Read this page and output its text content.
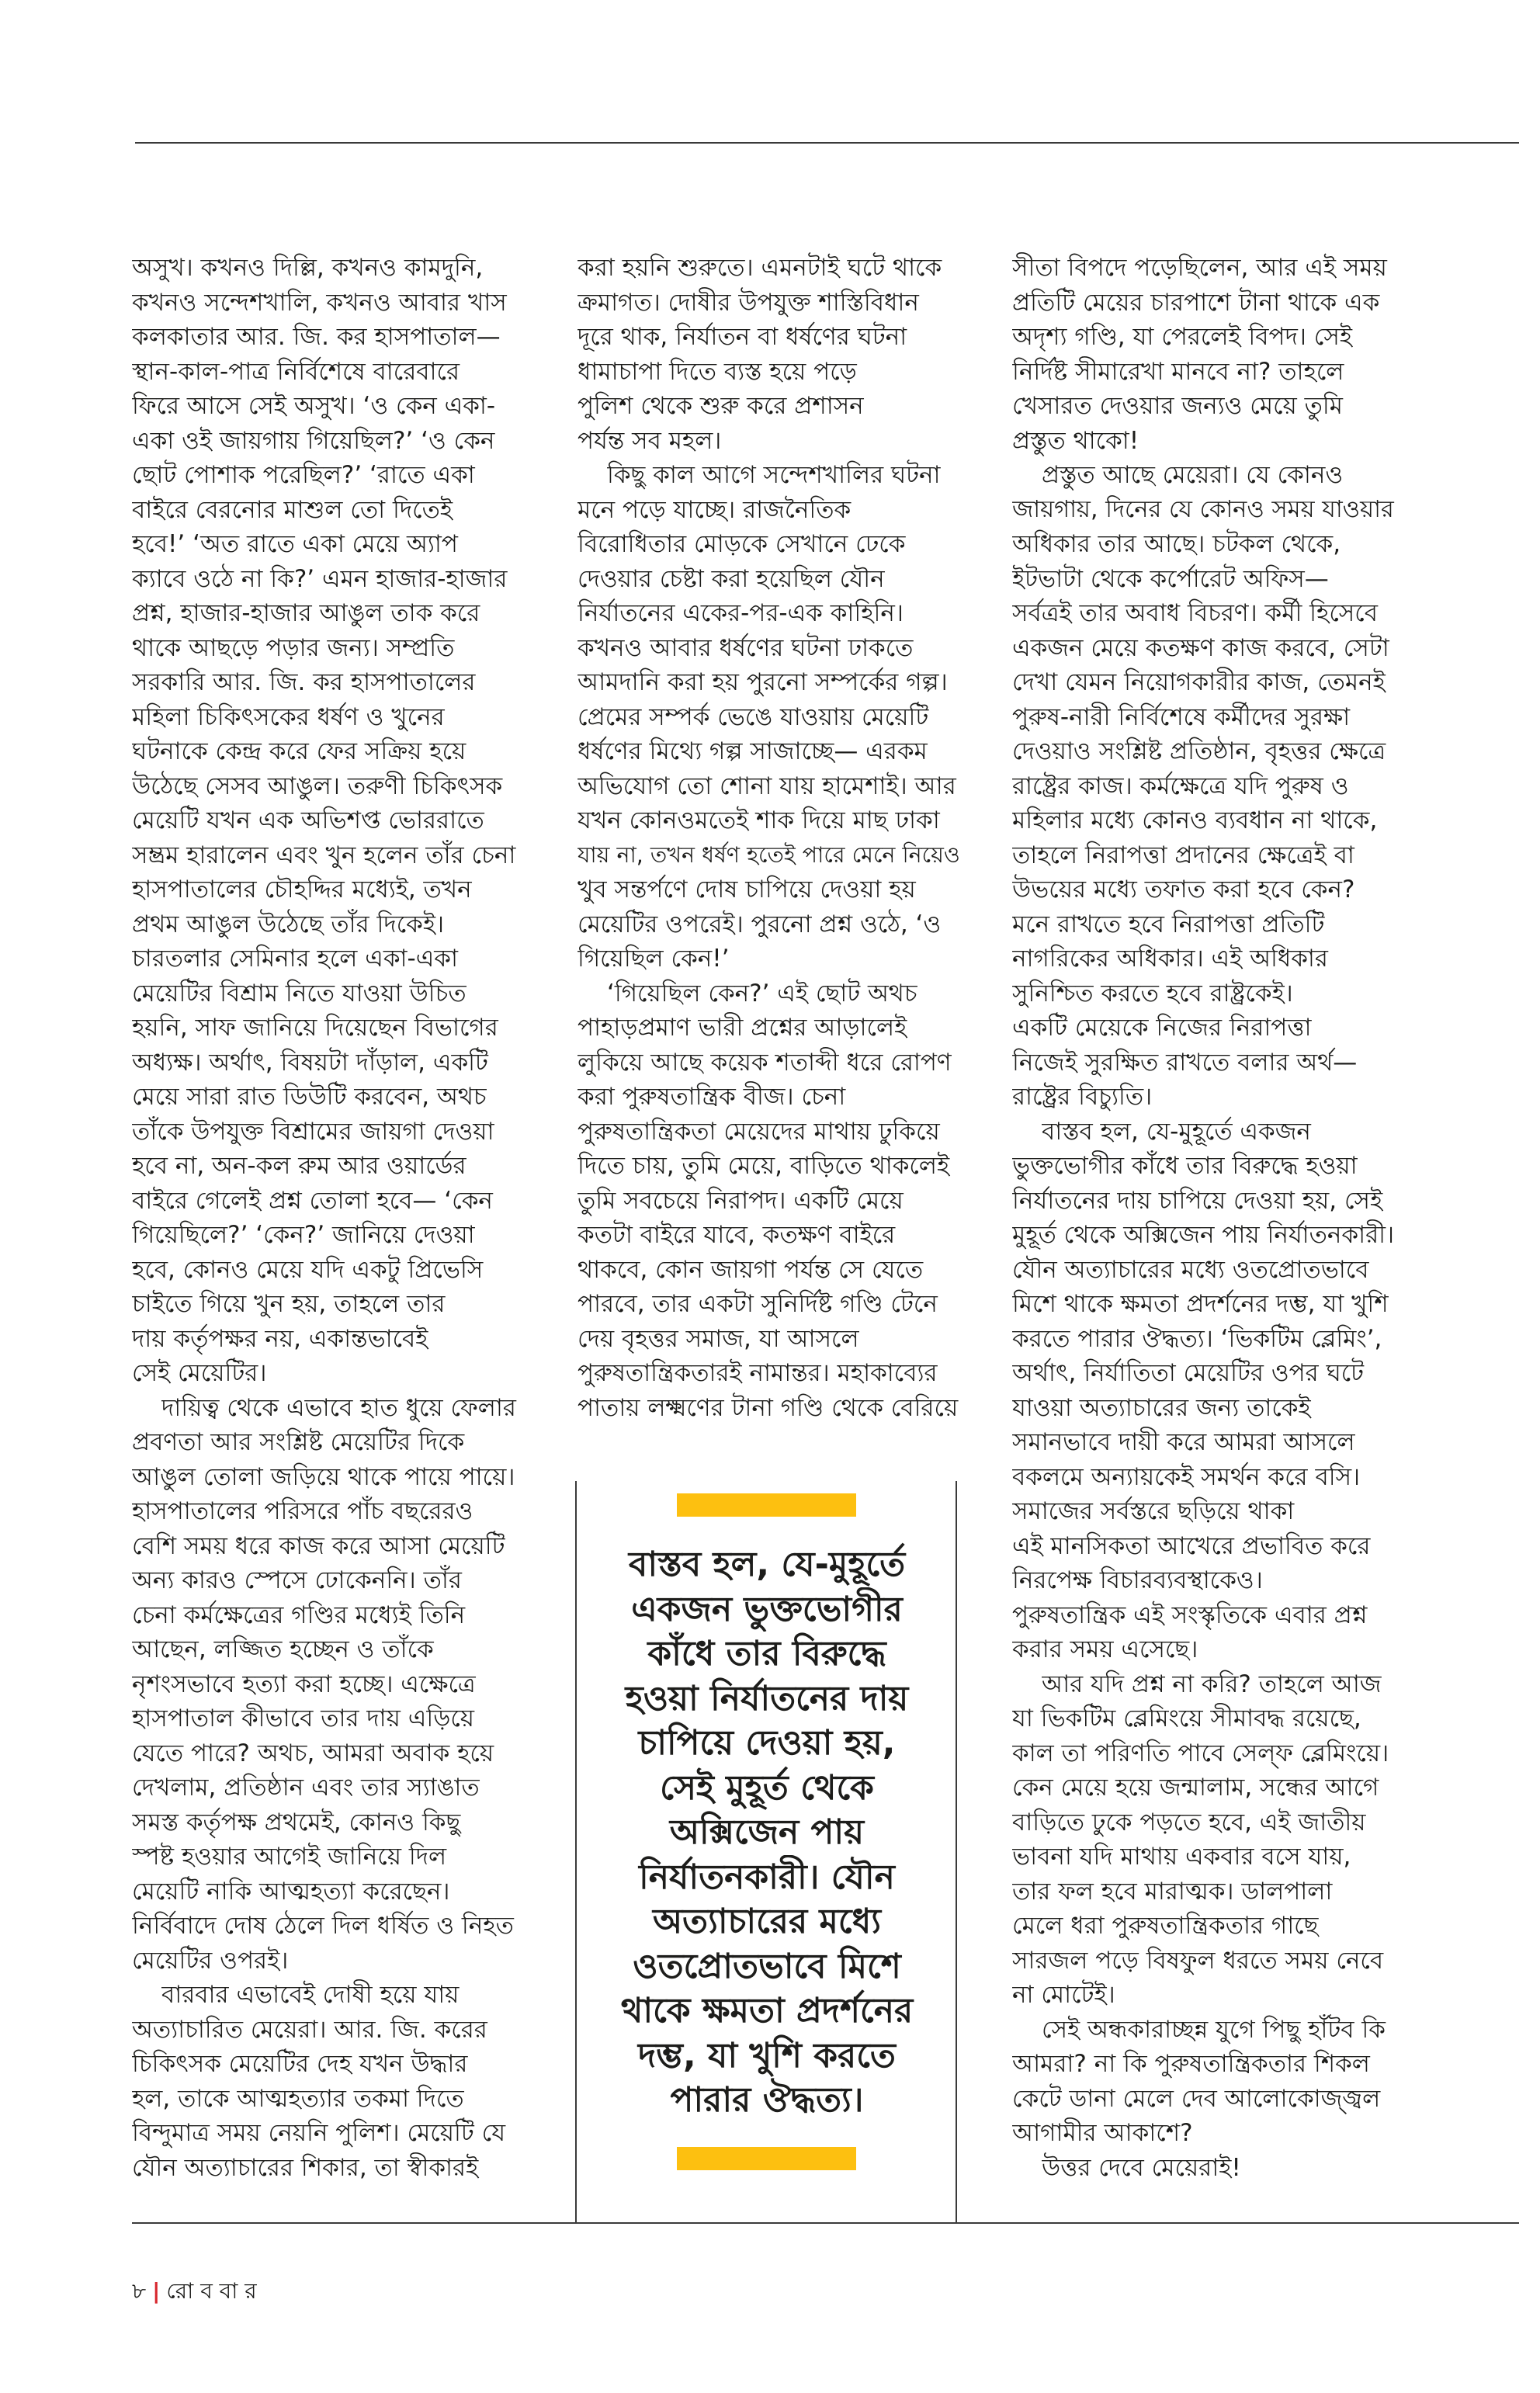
অসুখ। কখনও দিল্লি, কখনও কামদুনি,
কখনও সন্দেশখালি, কখনও আবার খাস
কলকাতার আর. জি. কর হাসপাতাল—
স্থান-কাল-পাত্র নির্বিশেষে বারেবারে
ফিরে আসে সেই অসুখ। ‘ও কেন একা-
একা ওই জায়গায় গিয়েছিল?’ ‘ও কেন
ছোট পোশাক পরেছিল?’ ‘রাতে একা
বাইরে বেরনোর মাশুল তো দিতেই
হবে!’ ‘অত রাতে একা মেয়ে অ্যাপ
ক্যাবে ওঠে না কি?’ এমন হাজার-হাজার
প্রশ্ন, হাজার-হাজার আঙুল তাক করে
থাকে আছড়ে পড়ার জন্য। সম্প্রতি
সরকারি আর. জি. কর হাসপাতালের
মহিলা চিকিৎসকের ধর্ষণ ও খুনের
ঘটনাকে কেন্দ্র করে ফের সক্রিয় হয়ে
উঠেছে সেসব আঙুল। তরুণী চিকিৎসক
মেয়েটি যখন এক অভিশপ্ত ভোররাতে
সম্ভ্রম হারালেন এবং খুন হলেন তাঁর চেনা
হাসপাতালের চৌহদ্দির মধ্যেই, তখন
প্রথম আঙুল উঠেছে তাঁর দিকেই।
চারতলার সেমিনার হলে একা-একা
মেয়েটির বিশ্রাম নিতে যাওয়া উচিত
হয়নি, সাফ জানিয়ে দিয়েছেন বিভাগের
অধ্যক্ষ। অর্থাৎ, বিষয়টা দাঁড়াল, একটি
মেয়ে সারা রাত ডিউটি করবেন, অথচ
তাঁকে উপযুক্ত বিশ্রামের জায়গা দেওয়া
হবে না, অন-কল রুম আর ওয়ার্ডের
বাইরে গেলেই প্রশ্ন তোলা হবে— ‘কেন
গিয়েছিলে?’ ‘কেন?’ জানিয়ে দেওয়া
হবে, কোনও মেয়ে যদি একটু প্রিভেসি
চাইতে গিয়ে খুন হয়, তাহলে তার
দায় কর্তৃপক্ষর নয়, একান্তভাবেই
সেই মেয়েটির।
দায়িত্ব থেকে এভাবে হাত ধুয়ে ফেলার
প্রবণতা আর সংশ্লিষ্ট মেয়েটির দিকে
আঙুল তোলা জড়িয়ে থাকে পায়ে পায়ে।
হাসপাতালের পরিসরে পাঁচ বছরেরও
বেশি সময় ধরে কাজ করে আসা মেয়েটি
অন্য কারও স্পেসে ঢোকেননি। তাঁর
চেনা কর্মক্ষেত্রের গণ্ডির মধ্যেই তিনি
আছেন, লজ্জিত হচ্ছেন ও তাঁকে
নৃশংসভাবে হত্যা করা হচ্ছে। এক্ষেত্রে
হাসপাতাল কীভাবে তার দায় এড়িয়ে
যেতে পারে? অথচ, আমরা অবাক হয়ে
দেখলাম, প্রতিষ্ঠান এবং তার স্যাঙাত
সমস্ত কর্তৃপক্ষ প্রথমেই, কোনও কিছু
স্পষ্ট হওয়ার আগেই জানিয়ে দিল
মেয়েটি নাকি আত্মহত্যা করেছেন।
নির্বিবাদে দোষ ঠেলে দিল ধর্ষিত ও নিহত
মেয়েটির ওপরই।
বারবার এভাবেই দোষী হয়ে যায়
অত্যাচারিত মেয়েরা। আর. জি. করের
চিকিৎসক মেয়েটির দেহ যখন উদ্ধার
হল, তাকে আত্মহত্যার তকমা দিতে
বিন্দুমাত্র সময় নেয়নি পুলিশ। মেয়েটি যে
যৌন অত্যাচারের শিকার, তা স্বীকারই
করা হয়নি শুরুতে। এমনটাই ঘটে থাকে
ক্রমাগত। দোষীর উপযুক্ত শাস্তিবিধান
দূরে থাক, নির্যাতন বা ধর্ষণের ঘটনা
ধামাচাপা দিতে ব্যস্ত হয়ে পড়ে
পুলিশ থেকে শুরু করে প্রশাসন
পর্যন্ত সব মহল।
কিছু কাল আগে সন্দেশখালির ঘটনা
মনে পড়ে যাচ্ছে। রাজনৈতিক
বিরোধিতার মোড়কে সেখানে ঢেকে
দেওয়ার চেষ্টা করা হয়েছিল যৌন
নির্যাতনের একের-পর-এক কাহিনি।
কখনও আবার ধর্ষণের ঘটনা ঢাকতে
আমদানি করা হয় পুরনো সম্পর্কের গল্প।
প্রেমের সম্পর্ক ভেঙে যাওয়ায় মেয়েটি
ধর্ষণের মিথ্যে গল্প সাজাচ্ছে— এরকম
অভিযোগ তো শোনা যায় হামেশাই। আর
যখন কোনওমতেই শাক দিয়ে মাছ ঢাকা
যায় না, তখন ধর্ষণ হতেই পারে মেনে নিয়েও
খুব সন্তর্পণে দোষ চাপিয়ে দেওয়া হয়
মেয়েটির ওপরেই। পুরনো প্রশ্ন ওঠে, ‘ও
গিয়েছিল কেন!’
‘গিয়েছিল কেন?’ এই ছোট অথচ
পাহাড়প্রমাণ ভারী প্রশ্নের আড়ালেই
লুকিয়ে আছে কয়েক শতাব্দী ধরে রোপণ
করা পুরুষতান্ত্রিক বীজ। চেনা
পুরুষতান্ত্রিকতা মেয়েদের মাথায় ঢুকিয়ে
দিতে চায়, তুমি মেয়ে, বাড়িতে থাকলেই
তুমি সবচেয়ে নিরাপদ। একটি মেয়ে
কতটা বাইরে যাবে, কতক্ষণ বাইরে
থাকবে, কোন জায়গা পর্যন্ত সে যেতে
পারবে, তার একটা সুনির্দিষ্ট গণ্ডি টেনে
দেয় বৃহত্তর সমাজ, যা আসলে
পুরুষতান্ত্রিকতারই নামান্তর। মহাকাব্যের
পাতায় লক্ষ্মণের টানা গণ্ডি থেকে বেরিয়ে
সীতা বিপদে পড়েছিলেন, আর এই সময়
প্রতিটি মেয়ের চারপাশে টানা থাকে এক
অদৃশ্য গণ্ডি, যা পেরলেই বিপদ। সেই
নির্দিষ্ট সীমারেখা মানবে না? তাহলে
খেসারত দেওয়ার জন্যও মেয়ে তুমি
প্রস্তুত থাকো!
প্রস্তুত আছে মেয়েরা। যে কোনও
জায়গায়, দিনের যে কোনও সময় যাওয়ার
অধিকার তার আছে। চটকল থেকে,
ইটভাটা থেকে কর্পোরেট অফিস—
সর্বত্রই তার অবাধ বিচরণ। কর্মী হিসেবে
একজন মেয়ে কতক্ষণ কাজ করবে, সেটা
দেখা যেমন নিয়োগকারীর কাজ, তেমনই
পুরুষ-নারী নির্বিশেষে কর্মীদের সুরক্ষা
দেওয়াও সংশ্লিষ্ট প্রতিষ্ঠান, বৃহত্তর ক্ষেত্রে
রাষ্ট্রের কাজ। কর্মক্ষেত্রে যদি পুরুষ ও
মহিলার মধ্যে কোনও ব্যবধান না থাকে,
তাহলে নিরাপত্তা প্রদানের ক্ষেত্রেই বা
উভয়ের মধ্যে তফাত করা হবে কেন?
মনে রাখতে হবে নিরাপত্তা প্রতিটি
নাগরিকের অধিকার। এই অধিকার
সুনিশ্চিত করতে হবে রাষ্ট্রকেই।
একটি মেয়েকে নিজের নিরাপত্তা
নিজেই সুরক্ষিত রাখতে বলার অর্থ—
রাষ্ট্রের বিচ্যুতি।
বাস্তব হল, যে-মুহূর্তে একজন
ভুক্তভোগীর কাঁধে তার বিরুদ্ধে হওয়া
নির্যাতনের দায় চাপিয়ে দেওয়া হয়, সেই
মুহূর্ত থেকে অক্সিজেন পায় নির্যাতনকারী।
যৌন অত্যাচারের মধ্যে ওতপ্রোতভাবে
মিশে থাকে ক্ষমতা প্রদর্শনের দম্ভ, যা খুশি
করতে পারার ঔদ্ধত্য। ‘ভিকটিম ব্লেমিং’,
অর্থাৎ, নির্যাতিতা মেয়েটির ওপর ঘটে
যাওয়া অত্যাচারের জন্য তাকেই
সমানভাবে দায়ী করে আমরা আসলে
বকলমে অন্যায়কেই সমর্থন করে বসি।
সমাজের সর্বস্তরে ছড়িয়ে থাকা
এই মানসিকতা আখেরে প্রভাবিত করে
নিরপেক্ষ বিচারব্যবস্থাকেও।
পুরুষতান্ত্রিক এই সংস্কৃতিকে এবার প্রশ্ন
করার সময় এসেছে।
আর যদি প্রশ্ন না করি? তাহলে আজ
যা ভিকটিম ব্লেমিংয়ে সীমাবদ্ধ রয়েছে,
কাল তা পরিণতি পাবে সেল্‌ফ ব্লেমিংয়ে।
কেন মেয়ে হয়ে জন্মালাম, সন্ধের আগে
বাড়িতে ঢুকে পড়তে হবে, এই জাতীয়
ভাবনা যদি মাথায় একবার বসে যায়,
তার ফল হবে মারাত্মক। ডালপালা
মেলে ধরা পুরুষতান্ত্রিকতার গাছে
সারজল পড়ে বিষফুল ধরতে সময় নেবে
না মোটেই।
সেই অন্ধকারাচ্ছন্ন যুগে পিছু হাঁটব কি
আমরা? না কি পুরুষতান্ত্রিকতার শিকল
কেটে ডানা মেলে দেব আলোকোজ্জ্বল
আগামীর আকাশে?
উত্তর দেবে মেয়েরাই!
বাস্তব হল, যে-মুহূর্তে
একজন ভুক্তভোগীর
কাঁধে তার বিরুদ্ধে
হওয়া নির্যাতনের দায়
চাপিয়ে দেওয়া হয়,
সেই মুহূর্ত থেকে
অক্সিজেন পায়
নির্যাতনকারী। যৌন
অত্যাচারের মধ্যে
ওতপ্রোতভাবে মিশে
থাকে ক্ষমতা প্রদর্শনের
দম্ভ, যা খুশি করতে
পারার ঔদ্ধত্য।
৮ | রো ব বা র
